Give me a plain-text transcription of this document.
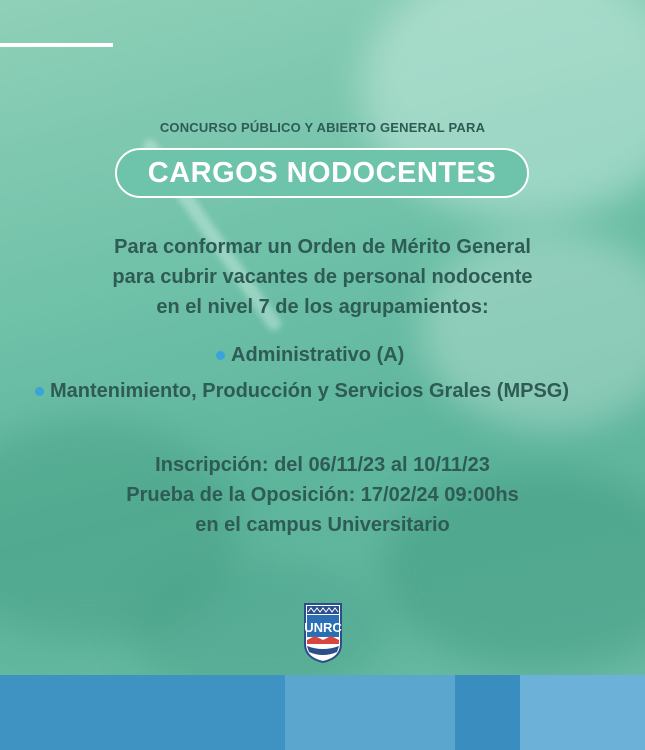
CONCURSO PÚBLICO Y ABIERTO GENERAL PARA
CARGOS NODOCENTES
Para conformar un Orden de Mérito General
para cubrir vacantes de personal nodocente
en el nivel 7 de los agrupamientos:
Administrativo (A)
Mantenimiento, Producción y Servicios Grales (MPSG)
Inscripción: del 06/11/23 al 10/11/23
Prueba de la Oposición: 17/02/24 09:00hs
en el campus Universitario
UNRC
